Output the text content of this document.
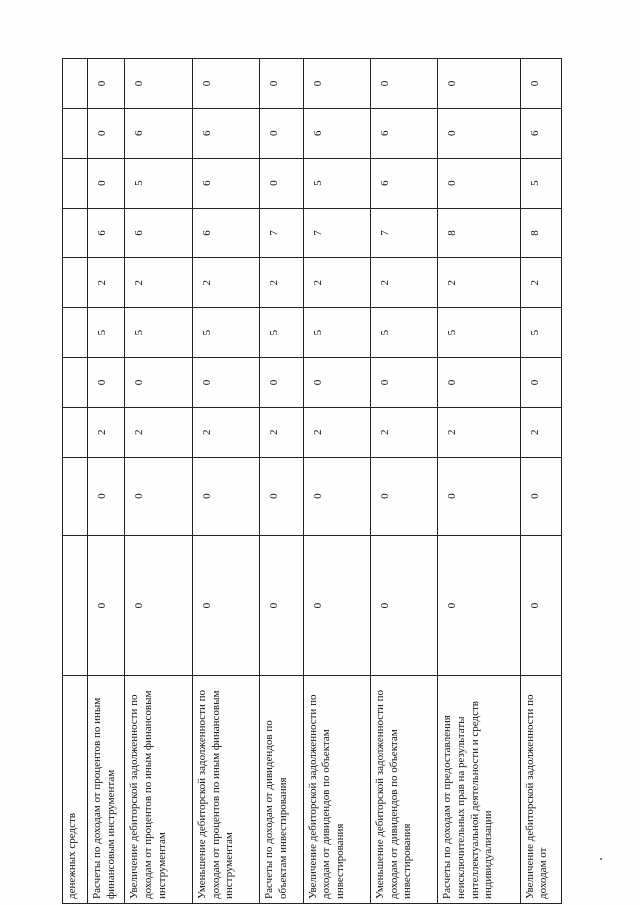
денежных средств										
Расчеты по доходам от процентов по иным финансовым инструментам	0	0	2	0	5	2	6	0	0	0
Увеличение дебиторской задолженности по доходам от процентов по иным финансовым инструментам	0	0	2	0	5	2	6	5	6	0
Уменьшение дебиторской задолженности по доходам от процентов по иным финансовым инструментам	0	0	2	0	5	2	6	6	6	0
Расчеты по доходам от дивидендов по объектам инвестирования	0	0	2	0	5	2	7	0	0	0
Увеличение дебиторской задолженности по доходам от дивидендов по объектам инвестирования	0	0	2	0	5	2	7	5	6	0
Уменьшение дебиторской задолженности по доходам от дивидендов по объектам инвестирования	0	0	2	0	5	2	7	6	6	0
Расчеты по доходам от предоставления неисключительных прав на результаты интеллектуальной деятельности и средств индивидуализации	0	0	2	0	5	2	8	0	0	0
Увеличение дебиторской задолженности по доходам от	0	0	2	0	5	2	8	5	6	0
